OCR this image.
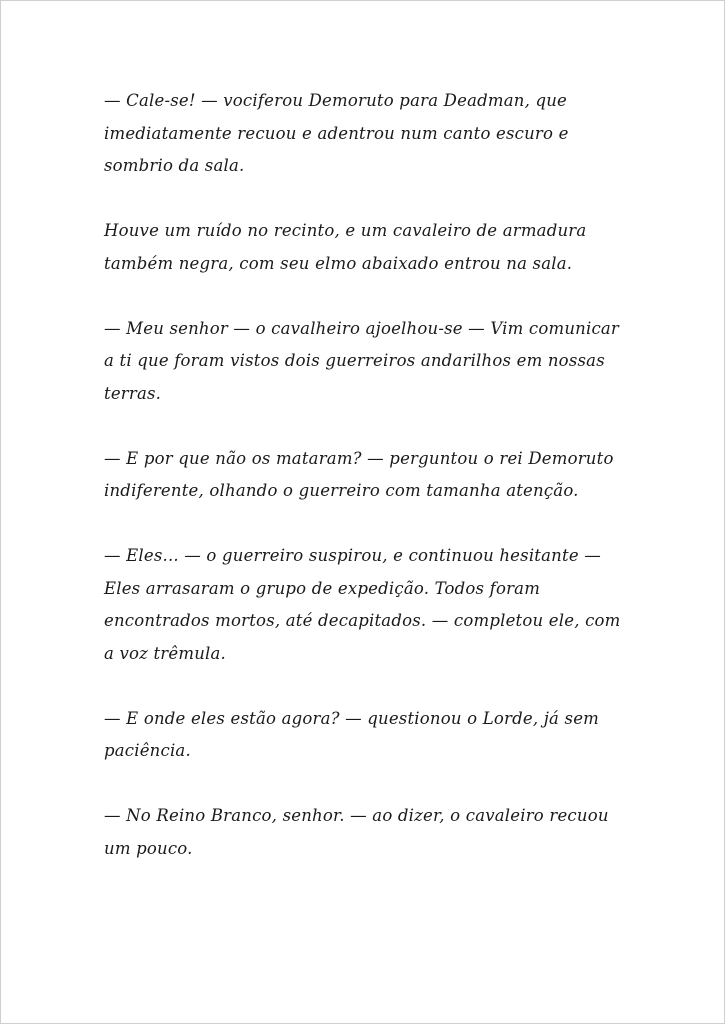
— Cale-se! — vociferou Demoruto para Deadman, que imediatamente recuou e adentrou num canto escuro e sombrio da sala.

Houve um ruído no recinto, e um cavaleiro de armadura também negra, com seu elmo abaixado entrou na sala.

— Meu senhor — o cavalheiro ajoelhou-se — Vim comunicar a ti que foram vistos dois guerreiros andarilhos em nossas terras.

— E por que não os mataram? — perguntou o rei Demoruto indiferente, olhando o guerreiro com tamanha atenção.

— Eles... — o guerreiro suspirou, e continuou hesitante — Eles arrasaram o grupo de expedição. Todos foram encontrados mortos, até decapitados. — completou ele, com a voz trêmula.

— E onde eles estão agora? — questionou o Lorde, já sem paciência.

— No Reino Branco, senhor. — ao dizer, o cavaleiro recuou um pouco.
